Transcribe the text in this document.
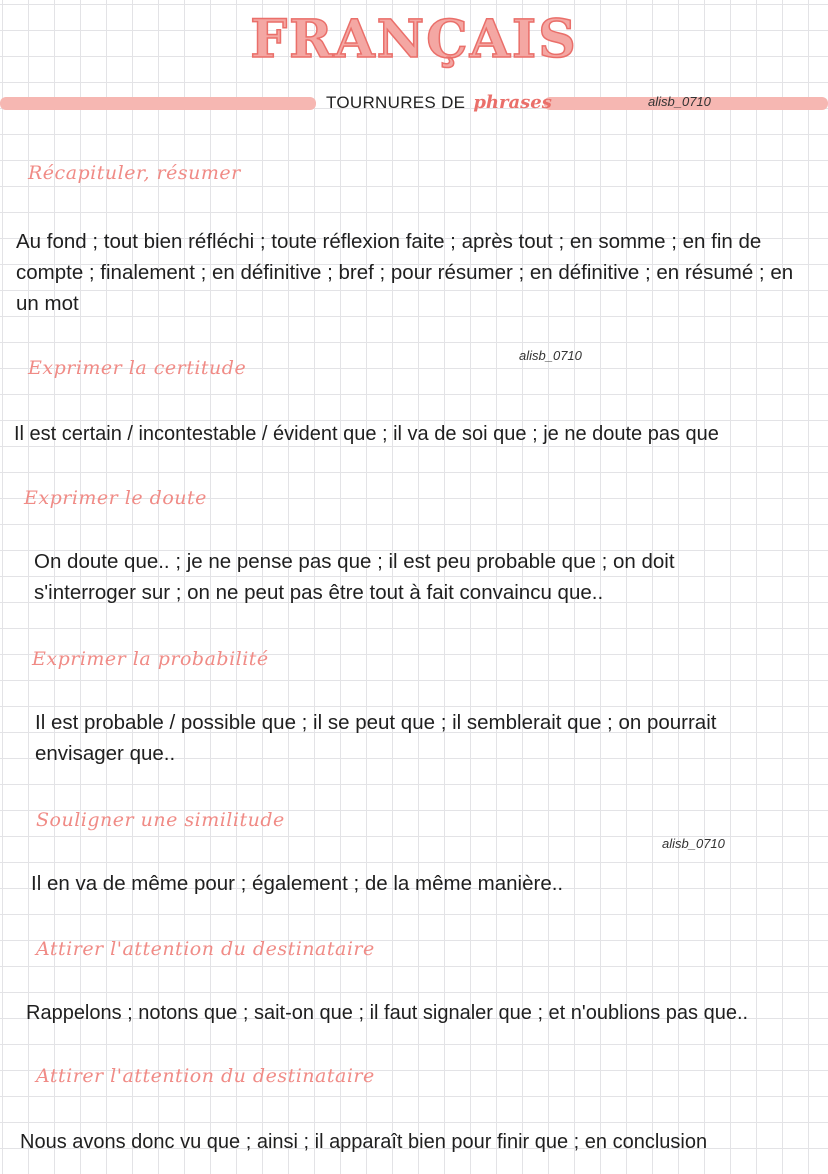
FRANÇAIS
TOURNURES DE phrases	alisb_0710
alisb_0710
alisb_0710
Récapituler, résumer

Au fond ; tout bien réfléchi ; toute réflexion faite ; après tout ; en somme ; en fin de compte ; finalement ; en définitive ; bref ; pour résumer ; en définitive ; en résumé ; en un mot

Exprimer la certitude

Il est certain / incontestable / évident que ; il va de soi que ; je ne doute pas que

Exprimer le doute

On doute que.. ; je ne pense pas que ; il est peu probable que ; on doit s'interroger sur ; on ne peut pas être tout à fait convaincu que..

Exprimer la probabilité

Il est probable / possible que ; il se peut que ; il semblerait que ; on pourrait envisager que..

Souligner une similitude

Il en va de même pour ; également ; de la même manière..

Attirer l'attention du destinataire

Rappelons ; notons que ; sait-on que ; il faut signaler que ; et n'oublions pas que..

Attirer l'attention du destinataire

Nous avons donc vu que ; ainsi ; il apparaît bien pour finir que ; en conclusion
